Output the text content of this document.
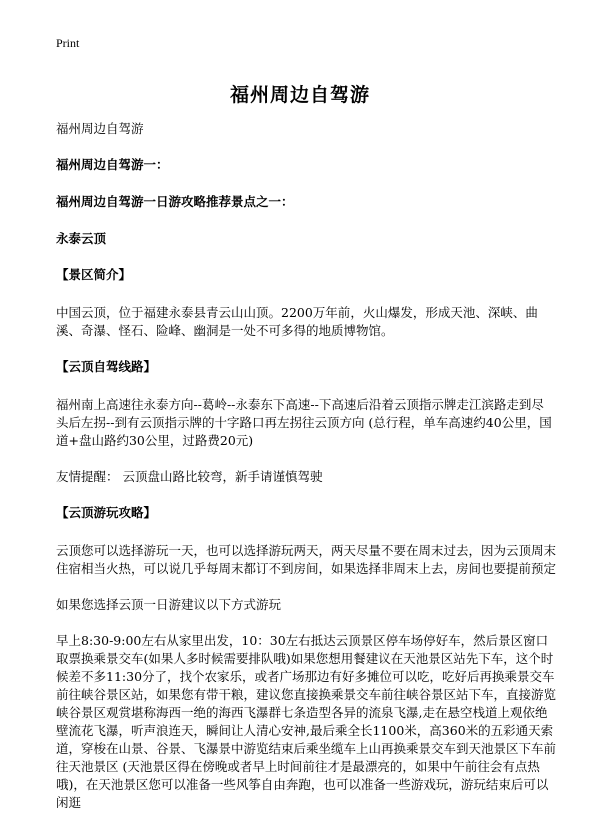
Print
福州周边自驾游

福州周边自驾游

福州周边自驾游一：

福州周边自驾游一日游攻略推荐景点之一：

永泰云顶

【景区简介】

中国云顶，位于福建永泰县青云山山顶。2200万年前，火山爆发，形成天池、深峡、曲溪、奇瀑、怪石、险峰、幽洞是一处不可多得的地质博物馆。

【云顶自驾线路】

福州南上高速往永泰方向--葛岭--永泰东下高速--下高速后沿着云顶指示牌走江滨路走到尽头后左拐--到有云顶指示牌的十字路口再左拐往云顶方向 (总行程，单车高速约40公里，国道+盘山路约30公里，过路费20元)

友情提醒： 云顶盘山路比较弯，新手请谨慎驾驶

【云顶游玩攻略】

云顶您可以选择游玩一天，也可以选择游玩两天，两天尽量不要在周末过去，因为云顶周末住宿相当火热，可以说几乎每周末都订不到房间，如果选择非周末上去，房间也要提前预定

如果您选择云顶一日游建议以下方式游玩

早上8:30-9:00左右从家里出发，10：30左右抵达云顶景区停车场停好车，然后景区窗口取票换乘景交车(如果人多时候需要排队哦)如果您想用餐建议在天池景区站先下车，这个时候差不多11:30分了，找个农家乐，或者广场那边有好多摊位可以吃，吃好后再换乘景交车前往峡谷景区站，如果您有带干粮，建议您直接换乘景交车前往峡谷景区站下车，直接游览峡谷景区观赏堪称海西一绝的海西飞瀑群七条造型各异的流泉飞瀑,走在悬空栈道上观依绝壁流花飞瀑，听声浪连天，瞬间让人清心安神,最后乘全长1100米，高360米的五彩通天索道，穿梭在山景、谷景、飞瀑景中游览结束后乘坐缆车上山再换乘景交车到天池景区下车前往天池景区 (天池景区得在傍晚或者早上时间前往才是最漂亮的，如果中午前往会有点热哦)，在天池景区您可以准备一些风筝自由奔跑，也可以准备一些游戏玩，游玩结束后可以闲逛
